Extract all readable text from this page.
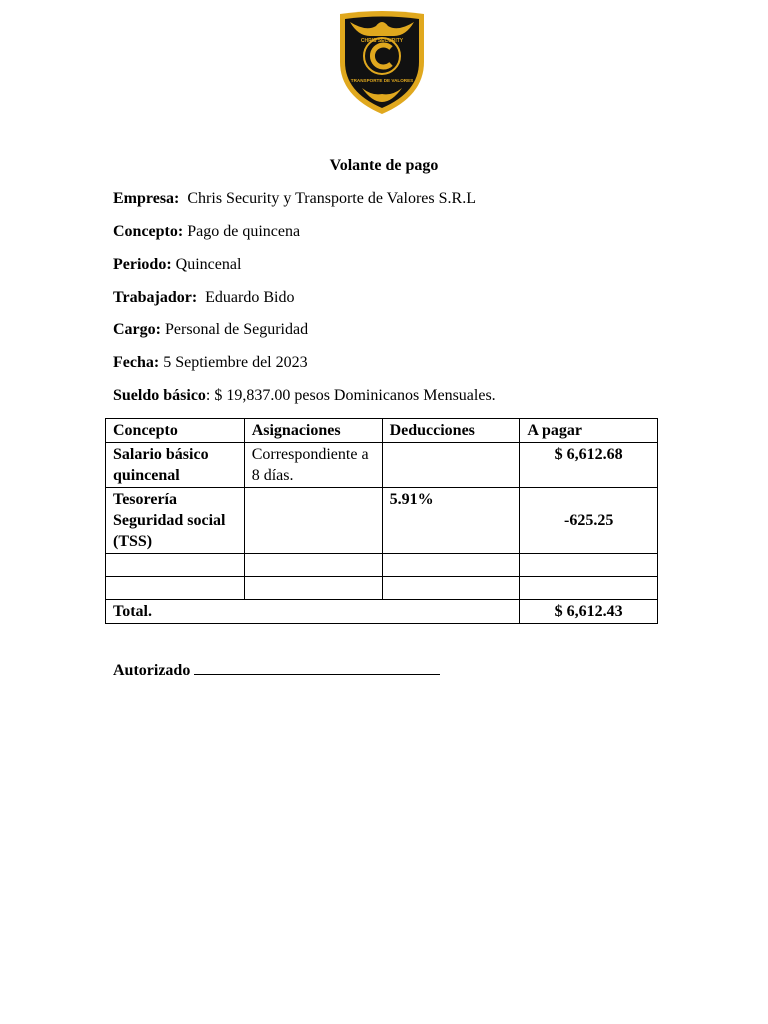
CHRIS SECURITY
TRANSPORTE DE VALORES
Volante de pago
Empresa:  Chris Security y Transporte de Valores S.R.L
Concepto: Pago de quincena
Periodo: Quincenal
Trabajador:  Eduardo Bido
Cargo: Personal de Seguridad
Fecha: 5 Septiembre del 2023
Sueldo básico: $ 19,837.00 pesos Dominicanos Mensuales.
Concepto	Asignaciones	Deducciones	A pagar
Salario básico quincenal	Correspondiente a 8 días.		$ 6,612.68
Tesorería Seguridad social (TSS)		5.91%	-625.25

Total.			$ 6,612.43
Autorizado
